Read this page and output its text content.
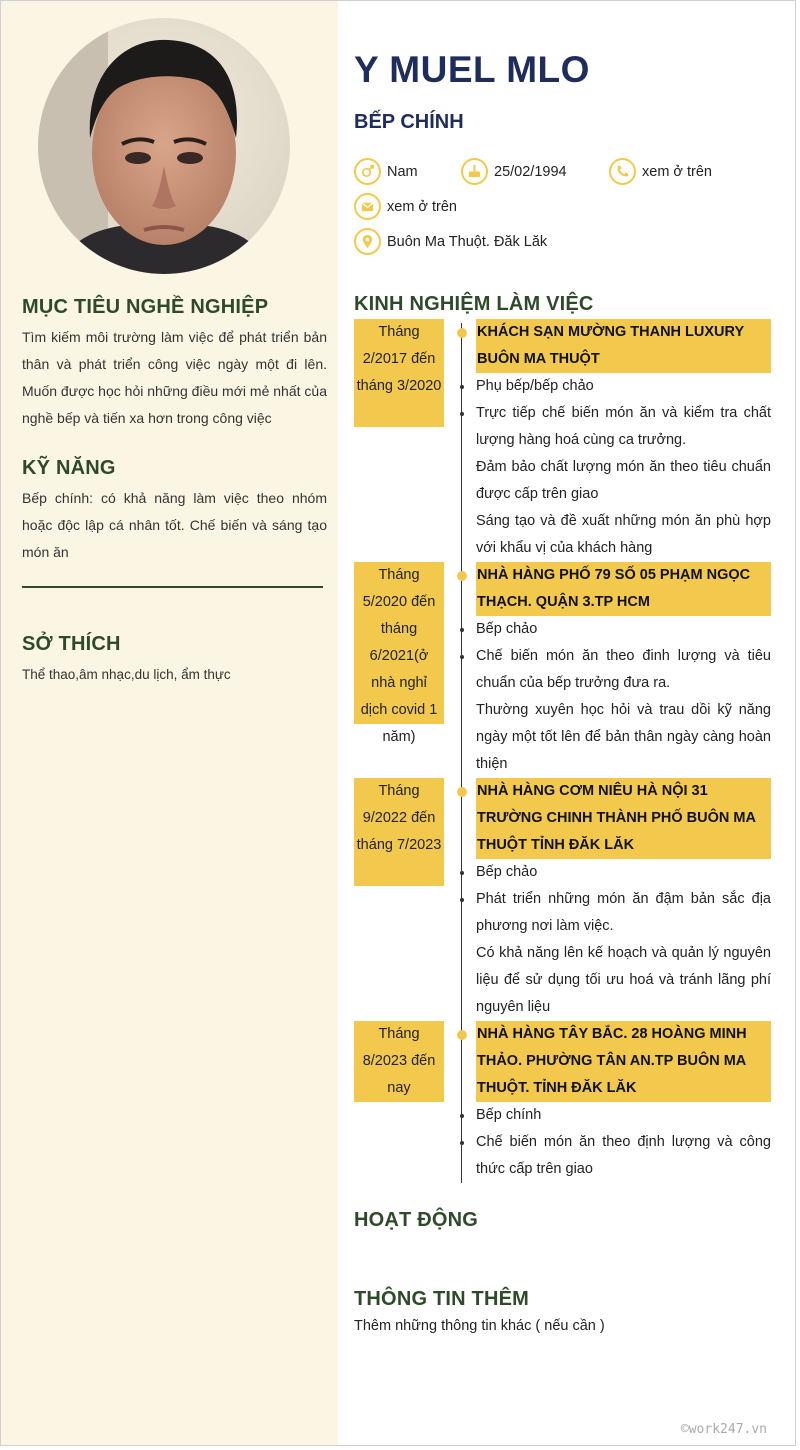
MỤC TIÊU NGHỀ NGHIỆP
Tìm kiếm môi trường làm việc để phát triển bản thân và phát triển công việc ngày một đi lên. Muốn được học hỏi những điều mới mẻ nhất của nghề bếp và tiến xa hơn trong công việc
KỸ NĂNG
Bếp chính: có khả năng làm việc theo nhóm hoặc độc lập cá nhân tốt. Chế biến và sáng tạo món ăn
SỞ THÍCH
Thể thao,âm nhạc,du lịch, ẩm thực
Y MUEL MLO
BẾP CHÍNH
Nam	25/02/1994	xem ở trên
xem ở trên
Buôn Ma Thuột. Đăk Lăk
KINH NGHIỆM LÀM VIỆC
Tháng 2/2017 đến tháng 3/2020
KHÁCH SẠN MƯỜNG THANH LUXURY BUÔN MA THUỘT
Phụ bếp/bếp chảo
Trực tiếp chế biến món ăn và kiểm tra chất lượng hàng hoá cùng ca trưởng.
Đảm bảo chất lượng món ăn theo tiêu chuẩn được cấp trên giao
Sáng tạo và đề xuất những món ăn phù hợp với khẩu vị của khách hàng
Tháng 5/2020 đến tháng 6/2021(ở nhà nghỉ dịch covid 1 năm)
NHÀ HÀNG PHỐ 79 SỐ 05 PHẠM NGỌC THẠCH. QUẬN 3.TP HCM
Bếp chảo
Chế biến món ăn theo đinh lượng và tiêu chuẩn của bếp trưởng đưa ra.
Thường xuyên học hỏi và trau dồi kỹ năng ngày một tốt lên để bản thân ngày càng hoàn thiện
Tháng 9/2022 đến tháng 7/2023
NHÀ HÀNG CƠM NIÊU HÀ NỘI 31 TRƯỜNG CHINH THÀNH PHỐ BUÔN MA THUỘT TỈNH ĐĂK LĂK
Bếp chảo
Phát triển những món ăn đậm bản sắc địa phương nơi làm việc.
Có khả năng lên kế hoạch và quản lý nguyên liệu để sử dụng tối ưu hoá và tránh lãng phí nguyên liệu
Tháng 8/2023 đến nay
NHÀ HÀNG TÂY BẮC. 28 HOÀNG MINH THẢO. PHƯỜNG TÂN AN.TP BUÔN MA THUỘT. TỈNH ĐĂK LĂK
Bếp chính
Chế biến món ăn theo định lượng và công thức cấp trên giao
HOẠT ĐỘNG
THÔNG TIN THÊM
Thêm những thông tin khác ( nếu cần )
©work247.vn
